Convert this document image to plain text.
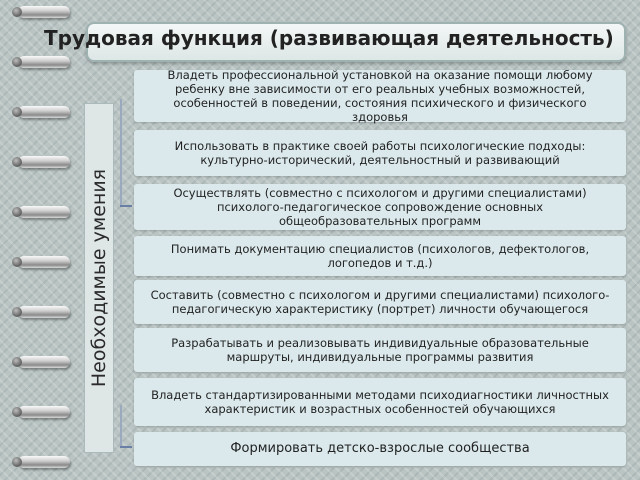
Трудовая функция (развивающая деятельность)
Необходимые умения
Владеть профессиональной установкой на оказание помощи любому ребенку вне зависимости от его реальных учебных возможностей, особенностей в поведении, состояния психического и физического здоровья
Использовать в практике своей работы психологические подходы: культурно-исторический, деятельностный и развивающий
Осуществлять (совместно с психологом и другими специалистами) психолого-педагогическое сопровождение основных общеобразовательных программ
Понимать документацию специалистов (психологов, дефектологов, логопедов и т.д.)
Составить (совместно с психологом и другими специалистами) психолого-педагогическую характеристику (портрет) личности обучающегося
Разрабатывать и реализовывать индивидуальные образовательные маршруты, индивидуальные программы развития
Владеть стандартизированными методами психодиагностики личностных характеристик и возрастных особенностей обучающихся
Формировать детско-взрослые сообщества
